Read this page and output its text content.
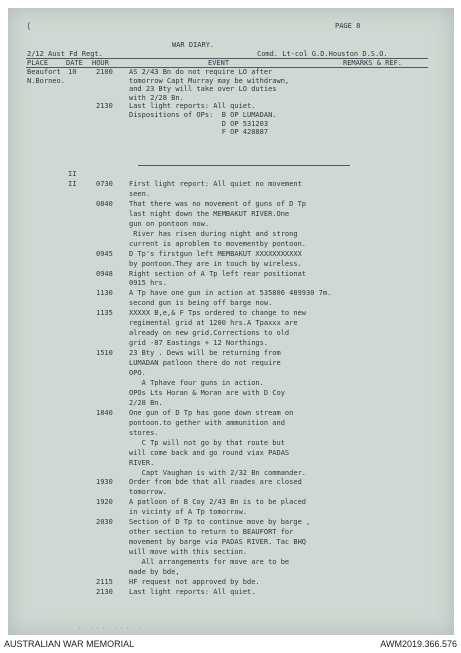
(	PAGE 8
WAR DIARY.
2/12 Aust Fd Regt.	Comd. Lt-col G.D.Houston D.S.O.
PLACE	DATE HOUR	EVENT	REMARKS & REF.
Beaufort
N.Borneo.
10	2100 AS 2/43 Bn do not require LO after
tomorrow Capt Murray may be withdrawn,
and 23 Bty will take over LO duties
with 2/28 Bn.
2130 Last light reports: All quiet.
Dispositions of OPs:  B OP LUMADAN.
D OP 531203
F OP 428887
II
II	0730 First light report: All quiet no movement
seen.
0840 That there was no movement of guns of D Tp
last night down the MEMBAKUT RIVER.One
gun on pontoon now.
River has risen during night and strong
current is aproblem to movementby pontoon.
0945 D Tp's firstgun left MEMBAKUT XXXXXXXXXXX
by pontoon.They are in touch by wireless.
0948 Right section of A Tp left rear positionat
0915 hrs.
1130 A Tp have one gun in action at 535806 489930 7m.
second gun is being off barge now.
1135 XXXXX B,e,& F Tps ordered to change to new
regimental grid at 1200 hrs.A Tpaxxx are
already on new grid.Corrections to old
grid -87 Eastings + 12 Northings.
1510 23 Bty . Dews will be returning from
LUMADAN patloon there do not require
OPO.
A Tphave four guns in action.
OPOs Lts Horan & Moran are with D Coy
2/28 Bn.
1840 One gun of D Tp has gone down stream on
pontoon.to gether with ammunition and
stores.
C Tp will not go by that route but
will come back and go round viax PADAS
RIVER.
Capt Vaughan is with 2/32 Bn commander.
1930 Order from bde that all roades are closed
tomorrow.
1920 A patloon of B Coy 2/43 Bn is to be placed
in vicinty of A Tp tomorrow.
2030 Section of D Tp to continue move by barge ,
other section to return to BEAUFORT for
movement by barge via PADAS RIVER. Tac BHQ
will move with this section.
All arrangements for move are to be
made by bde,
2115 HF request not approved by bde.
2130 Last light reports: All quiet.
· · · · · · · · · · ·
AUSTRALIAN WAR MEMORIAL	AWM2019.366.576
